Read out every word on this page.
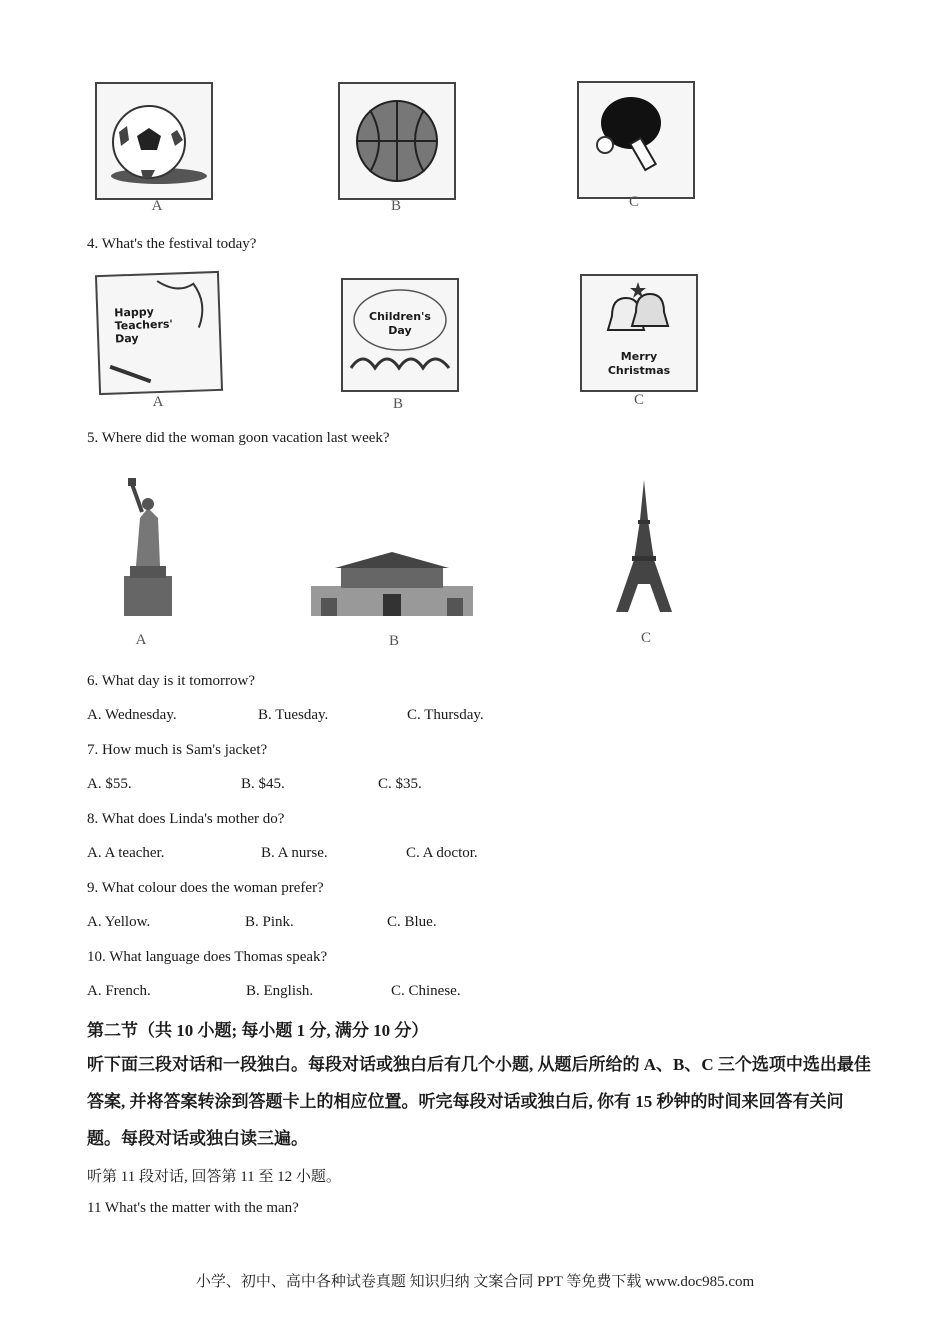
A	B	C
4. What's the festival today?
Happy
Teachers'
Day
A
Children's
Day
B
Merry
Christmas
C
5. Where did the woman goon vacation last week?
A	B	C
6. What day is it tomorrow?
A. Wednesday.	B. Tuesday.	C. Thursday.
7. How much is Sam's jacket?
A. $55.	B. $45.	C. $35.
8. What does Linda's mother do?
A. A teacher.	B. A nurse.	C. A doctor.
9. What colour does the woman prefer?
A. Yellow.	B. Pink.	C. Blue.
10. What language does Thomas speak?
A. French.	B. English.	C. Chinese.
第二节（共 10 小题; 每小题 1 分, 满分 10 分）
听下面三段对话和一段独白。每段对话或独白后有几个小题, 从题后所给的 A、B、C 三个选项中选出最佳答案, 并将答案转涂到答题卡上的相应位置。听完每段对话或独白后, 你有 15 秒钟的时间来回答有关问题。每段对话或独白读三遍。
听第 11 段对话, 回答第 11 至 12 小题。
11 What's the matter with the man?
小学、初中、高中各种试卷真题 知识归纳 文案合同 PPT 等免费下载 www.doc985.com
